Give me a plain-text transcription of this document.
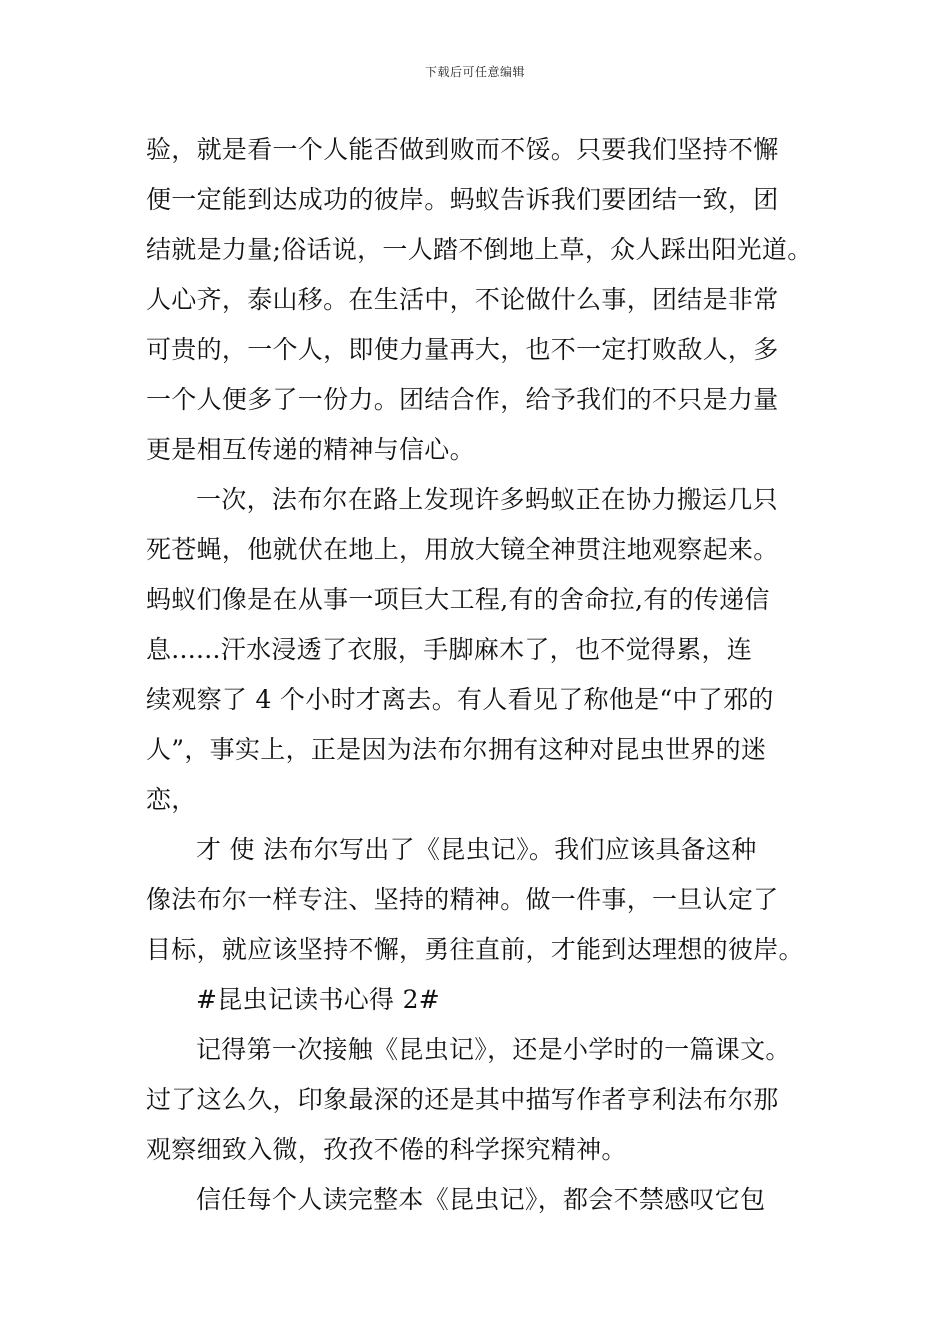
下载后可任意编辑
验，就是看一个人能否做到败而不馁。只要我们坚持不懈
便一定能到达成功的彼岸。蚂蚁告诉我们要团结一致，团
结就是力量;俗话说，一人踏不倒地上草，众人踩出阳光道。
人心齐，泰山移。在生活中，不论做什么事，团结是非常
可贵的，一个人，即使力量再大，也不一定打败敌人，多
一个人便多了一份力。团结合作，给予我们的不只是力量
更是相互传递的精神与信心。
一次，法布尔在路上发现许多蚂蚁正在协力搬运几只
死苍蝇，他就伏在地上，用放大镜全神贯注地观察起来。
蚂蚁们像是在从事一项巨大工程,有的舍命拉,有的传递信
息......汗水浸透了衣服，手脚麻木了，也不觉得累，连
续观察了 4 个小时才离去。有人看见了称他是“中了邪的
人”，事实上，正是因为法布尔拥有这种对昆虫世界的迷
恋，
才 使 法布尔写出了《昆虫记》。我们应该具备这种
像法布尔一样专注、坚持的精神。做一件事，一旦认定了
目标，就应该坚持不懈，勇往直前，才能到达理想的彼岸。
#昆虫记读书心得 2#
记得第一次接触《昆虫记》，还是小学时的一篇课文。
过了这么久，印象最深的还是其中描写作者亨利法布尔那
观察细致入微，孜孜不倦的科学探究精神。
信任每个人读完整本《昆虫记》，都会不禁感叹它包
